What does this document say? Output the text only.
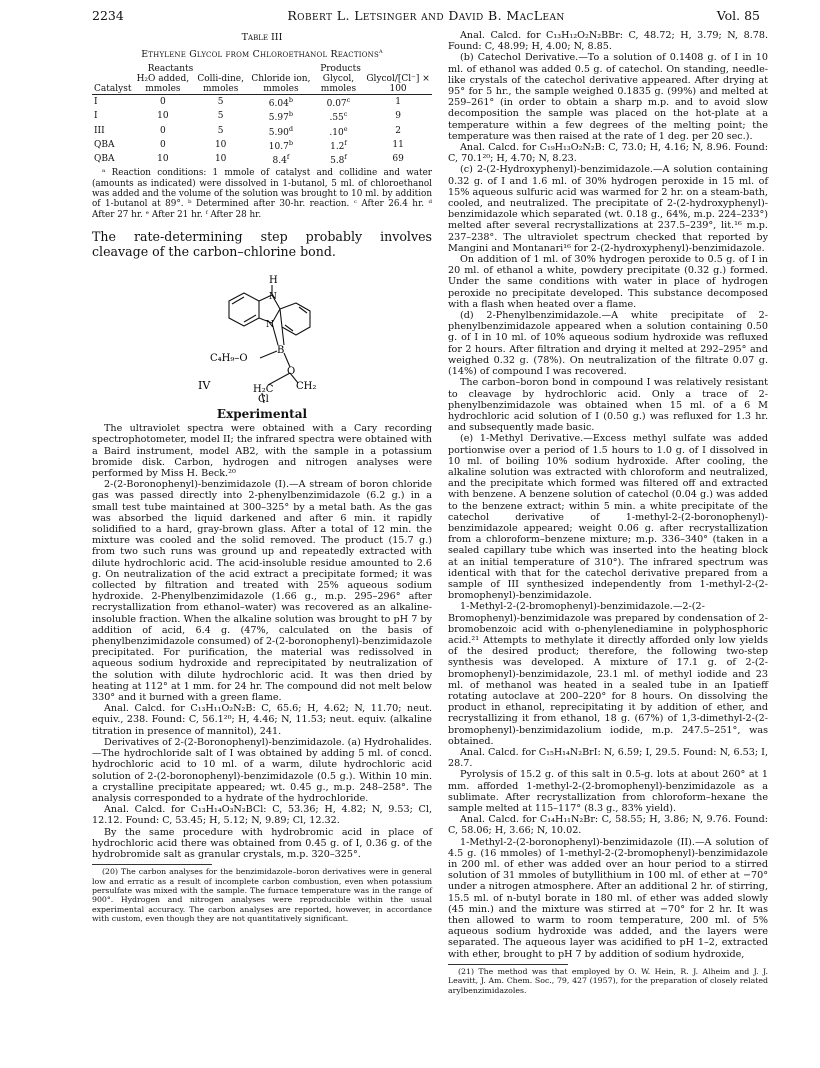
2234	Robert L. Letsinger and David B. MacLean	Vol. 85
Table III
Ethylene Glycol from Chloroethanol Reactions$^a$
Reactants			Products		
Catalyst	H₂O added, mmoles	Colli-dine, mmoles	Chloride ion, mmoles	Glycol, mmoles	Glycol/[Cl⁻] × 100
I	0	5	6.04$^b$	0.07$^c$	1
I	10	5	5.97$^b$	.55$^c$	9
III	0	5	5.90$^d$	.10e	2
QBA	0	10	10.7$^b$	1.2$^f$	11
QBA	10	10	8.4$^f$	5.8$^f$	69
ᵃ Reaction conditions: 1 mmole of catalyst and collidine and water (amounts as indicated) were dissolved in 1-butanol, 5 ml. of chloroethanol was added and the volume of the solution was brought to 10 ml. by addition of 1-butanol at 89°. ᵇ Determined after 30-hr. reaction. ᶜ After 26.4 hr. ᵈ After 27 hr. ᵉ After 21 hr. ᶠ After 28 hr.

The rate-determining step probably involves cleavage of the carbon–chlorine bond.

H
N
N
B
C₄H₉–O
O
H₂C CH₂
Cl
IV
Experimental

The ultraviolet spectra were obtained with a Cary recording spectrophotometer, model II; the infrared spectra were obtained with a Baird instrument, model AB2, with the sample in a potassium bromide disk. Carbon, hydrogen and nitrogen analyses were performed by Miss H. Beck.²⁰

2-(2-Boronophenyl)-benzimidazole (I).—A stream of boron chloride gas was passed directly into 2-phenylbenzimidazole (6.2 g.) in a small test tube maintained at 300–325° by a metal bath. As the gas was absorbed the liquid darkened and after 6 min. it rapidly solidified to a hard, gray-brown glass. After a total of 12 min. the mixture was cooled and the solid removed. The product (15.7 g.) from two such runs was ground up and repeatedly extracted with dilute hydrochloric acid. The acid-insoluble residue amounted to 2.6 g. On neutralization of the acid extract a precipitate formed; it was collected by filtration and treated with 25% aqueous sodium hydroxide. 2-Phenylbenzimidazole (1.66 g., m.p. 295–296° after recrystallization from ethanol–water) was recovered as an alkaline-insoluble fraction. When the alkaline solution was brought to pH 7 by addition of acid, 6.4 g. (47%, calculated on the basis of phenylbenzimidazole consumed) of 2-(2-boronophenyl)-benzimidazole precipitated. For purification, the material was redissolved in aqueous sodium hydroxide and reprecipitated by neutralization of the solution with dilute hydrochloric acid. It was then dried by heating at 112° at 1 mm. for 24 hr. The compound did not melt below 330° and it burned with a green flame.

Anal. Calcd. for C₁₃H₁₁O₂N₂B: C, 65.6; H, 4.62; N, 11.70; neut. equiv., 238. Found: C, 56.1²⁰; H, 4.46; N, 11.53; neut. equiv. (alkaline titration in presence of mannitol), 241.

Derivatives of 2-(2-Boronophenyl)-benzimidazole. (a) Hydrohalides.—The hydrochloride salt of I was obtained by adding 5 ml. of concd. hydrochloric acid to 10 ml. of a warm, dilute hydrochloric acid solution of 2-(2-boronophenyl)-benzimidazole (0.5 g.). Within 10 min. a crystalline precipitate appeared; wt. 0.45 g., m.p. 248–258°. The analysis corresponded to a hydrate of the hydrochloride.

Anal. Calcd. for C₁₃H₁₄O₃N₂BCl: C, 53.36; H, 4.82; N, 9.53; Cl, 12.12. Found: C, 53.45; H, 5.12; N, 9.89; Cl, 12.32.

By the same procedure with hydrobromic acid in place of hydrochloric acid there was obtained from 0.45 g. of I, 0.36 g. of the hydrobromide salt as granular crystals, m.p. 320–325°.

(20) The carbon analyses for the benzimidazole–boron derivatives were in general low and erratic as a result of incomplete carbon combustion, even when potassium persulfate was mixed with the sample. The furnace temperature was in the range of 900°. Hydrogen and nitrogen analyses were reproducible within the usual experimental accuracy. The carbon analyses are reported, however, in accordance with custom, even though they are not quantitatively significant.

Anal. Calcd. for C₁₃H₁₂O₂N₂BBr: C, 48.72; H, 3.79; N, 8.78. Found: C, 48.99; H, 4.00; N, 8.85.

(b) Catechol Derivative.—To a solution of 0.1408 g. of I in 10 ml. of ethanol was added 0.5 g. of catechol. On standing, needle-like crystals of the catechol derivative appeared. After drying at 95° for 5 hr., the sample weighed 0.1835 g. (99%) and melted at 259–261° (in order to obtain a sharp m.p. and to avoid slow decomposition the sample was placed on the hot-plate at a temperature within a few degrees of the melting point; the temperature was then raised at the rate of 1 deg. per 20 sec.).

Anal. Calcd. for C₁₉H₁₃O₂N₂B: C, 73.0; H, 4.16; N, 8.96. Found: C, 70.1²⁰; H, 4.70; N, 8.23.

(c) 2-(2-Hydroxyphenyl)-benzimidazole.—A solution containing 0.32 g. of I and 1.6 ml. of 30% hydrogen peroxide in 15 ml. of 15% aqueous sulfuric acid was warmed for 2 hr. on a steam-bath, cooled, and neutralized. The precipitate of 2-(2-hydroxyphenyl)-benzimidazole which separated (wt. 0.18 g., 64%, m.p. 224–233°) melted after several recrystallizations at 237.5–239°, lit.¹⁶ m.p. 237–238°. The ultraviolet spectrum checked that reported by Mangini and Montanari¹⁶ for 2-(2-hydroxyphenyl)-benzimidazole.

On addition of 1 ml. of 30% hydrogen peroxide to 0.5 g. of I in 20 ml. of ethanol a white, powdery precipitate (0.32 g.) formed. Under the same conditions with water in place of hydrogen peroxide no precipitate developed. This substance decomposed with a flash when heated over a flame.

(d) 2-Phenylbenzimidazole.—A white precipitate of 2-phenylbenzimidazole appeared when a solution containing 0.50 g. of I in 10 ml. of 10% aqueous sodium hydroxide was refluxed for 2 hours. After filtration and drying it melted at 292–295° and weighed 0.32 g. (78%). On neutralization of the filtrate 0.07 g. (14%) of compound I was recovered.

The carbon–boron bond in compound I was relatively resistant to cleavage by hydrochloric acid. Only a trace of 2-phenylbenzimidazole was obtained when 15 ml. of a 6 M hydrochloric acid solution of I (0.50 g.) was refluxed for 1.3 hr. and subsequently made basic.

(e) 1-Methyl Derivative.—Excess methyl sulfate was added portionwise over a period of 1.5 hours to 1.0 g. of I dissolved in 10 ml. of boiling 10% sodium hydroxide. After cooling, the alkaline solution was extracted with chloroform and neutralized, and the precipitate which formed was filtered off and extracted with benzene. A benzene solution of catechol (0.04 g.) was added to the benzene extract; within 5 min. a white precipitate of the catechol derivative of 1-methyl-2-(2-boronophenyl)-benzimidazole appeared; weight 0.06 g. after recrystallization from a chloroform–benzene mixture; m.p. 336–340° (taken in a sealed capillary tube which was inserted into the heating block at an initial temperature of 310°). The infrared spectrum was identical with that for the catechol derivative prepared from a sample of III synthesized independently from 1-methyl-2-(2-bromophenyl)-benzimidazole.

1-Methyl-2-(2-bromophenyl)-benzimidazole.—2-(2-Bromophenyl)-benzimidazole was prepared by condensation of 2-bromobenzoic acid with o-phenylenediamine in polyphosphoric acid.²¹ Attempts to methylate it directly afforded only low yields of the desired product; therefore, the following two-step synthesis was developed. A mixture of 17.1 g. of 2-(2-bromophenyl)-benzimidazole, 23.1 ml. of methyl iodide and 23 ml. of methanol was heated in a sealed tube in an Ipatieff rotating autoclave at 200–220° for 8 hours. On dissolving the product in ethanol, reprecipitating it by addition of ether, and recrystallizing it from ethanol, 18 g. (67%) of 1,3-dimethyl-2-(2-bromophenyl)-benzimidazolium iodide, m.p. 247.5–251°, was obtained.

Anal. Calcd. for C₁₅H₁₄N₂BrI: N, 6.59; I, 29.5. Found: N, 6.53; I, 28.7.

Pyrolysis of 15.2 g. of this salt in 0.5-g. lots at about 260° at 1 mm. afforded 1-methyl-2-(2-bromophenyl)-benzimidazole as a sublimate. After recrystallization from chloroform–hexane the sample melted at 115–117° (8.3 g., 83% yield).

Anal. Calcd. for C₁₄H₁₁N₂Br: C, 58.55; H, 3.86; N, 9.76. Found: C, 58.06; H, 3.66; N, 10.02.

1-Methyl-2-(2-boronophenyl)-benzimidazole (II).—A solution of 4.5 g. (16 mmoles) of 1-methyl-2-(2-bromophenyl)-benzimidazole in 200 ml. of ether was added over an hour period to a stirred solution of 31 mmoles of butyllithium in 100 ml. of ether at −70° under a nitrogen atmosphere. After an additional 2 hr. of stirring, 15.5 ml. of n-butyl borate in 180 ml. of ether was added slowly (45 min.) and the mixture was stirred at −70° for 2 hr. It was then allowed to warm to room temperature, 200 ml. of 5% aqueous sodium hydroxide was added, and the layers were separated. The aqueous layer was acidified to pH 1–2, extracted with ether, brought to pH 7 by addition of sodium hydroxide,

(21) The method was that employed by O. W. Hein, R. J. Alheim and J. J. Leavitt, J. Am. Chem. Soc., 79, 427 (1957), for the preparation of closely related arylbenzimidazoles.
